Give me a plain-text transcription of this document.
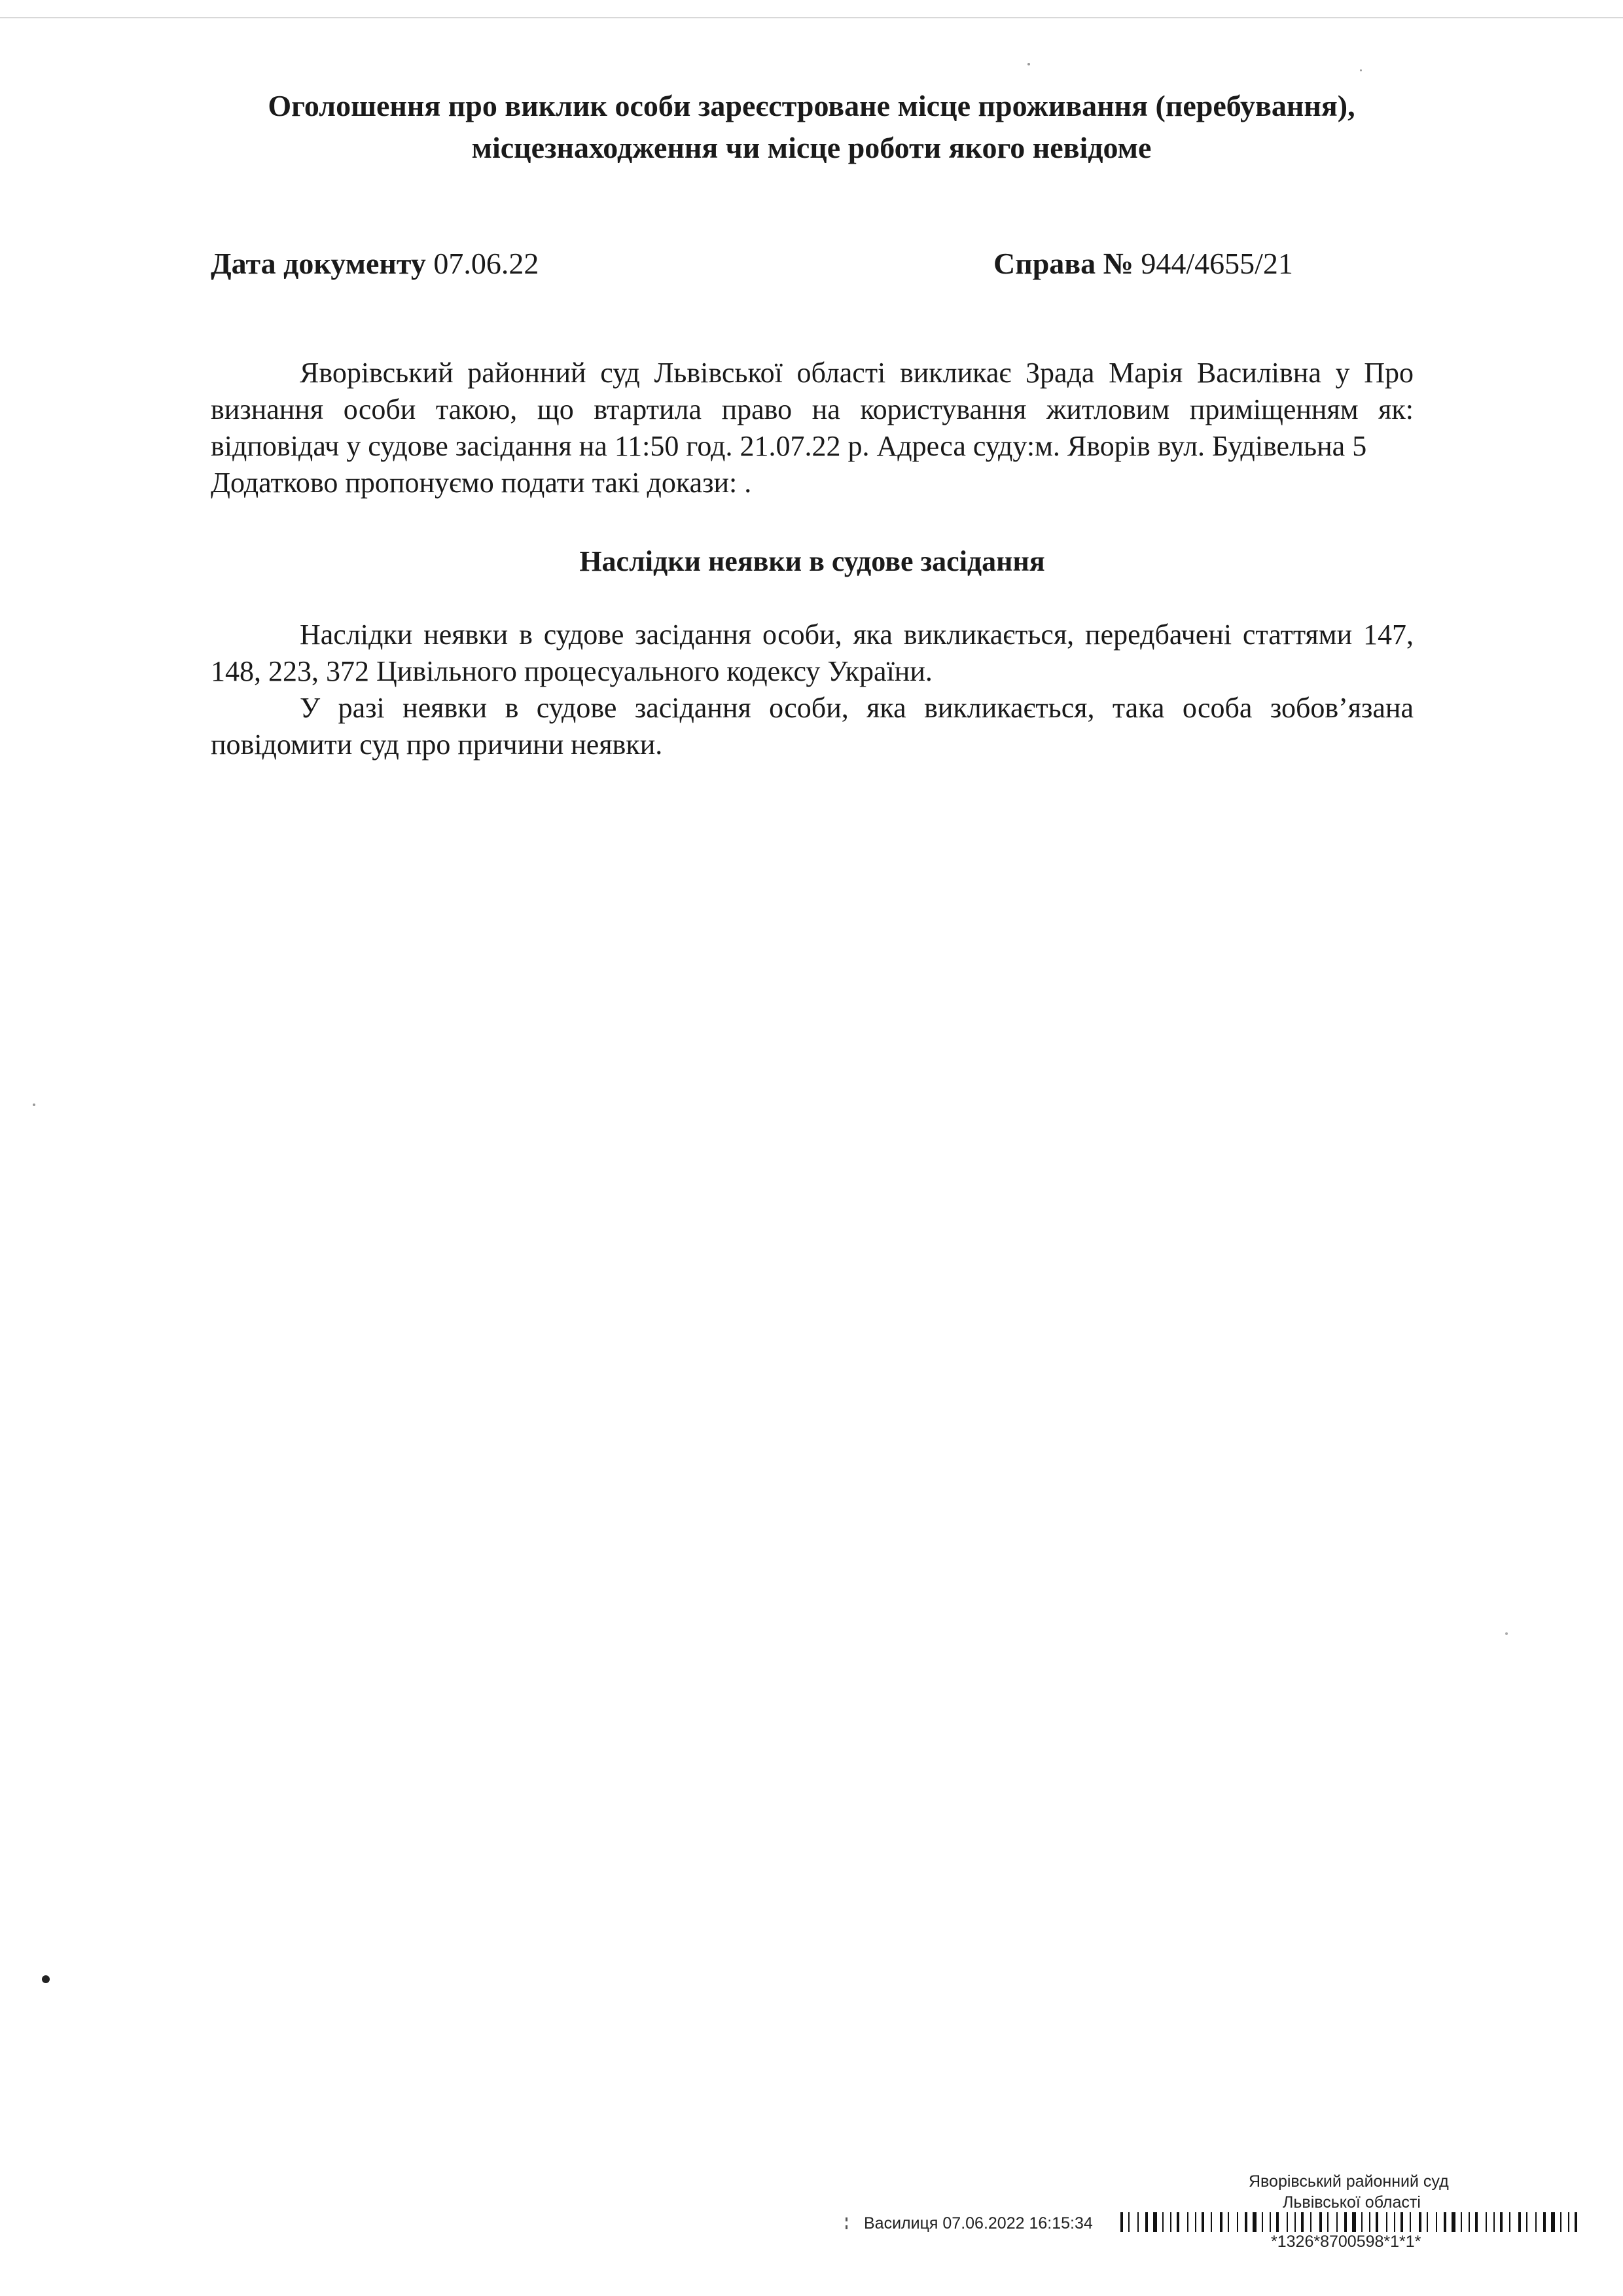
Оголошення про виклик особи зареєстроване місце проживання (перебування), місцезнаходження чи місце роботи якого невідоме
Дата документу 07.06.22	Справа № 944/4655/21

Яворівський районний суд Львівської області викликає Зрада Марія Василівна у Про визнання особи такою, що втартила право на користування житловим приміщенням як: відповідач у судове засідання на 11:50 год. 21.07.22 р. Адреса суду:м. Яворів вул. Будівельна 5

Додатково пропонуємо подати такі докази: .

Наслідки неявки в судове засідання

Наслідки неявки в судове засідання особи, яка викликається, передбачені статтями 147, 148, 223, 372 Цивільного процесуального кодексу України.

У разі неявки в судове засідання особи, яка викликається, така особа зобов’язана повідомити суд про причини неявки.

Яворівський районний суд
Львівської області
Василиця 07.06.2022 16:15:34
*1326*8700598*1*1*
